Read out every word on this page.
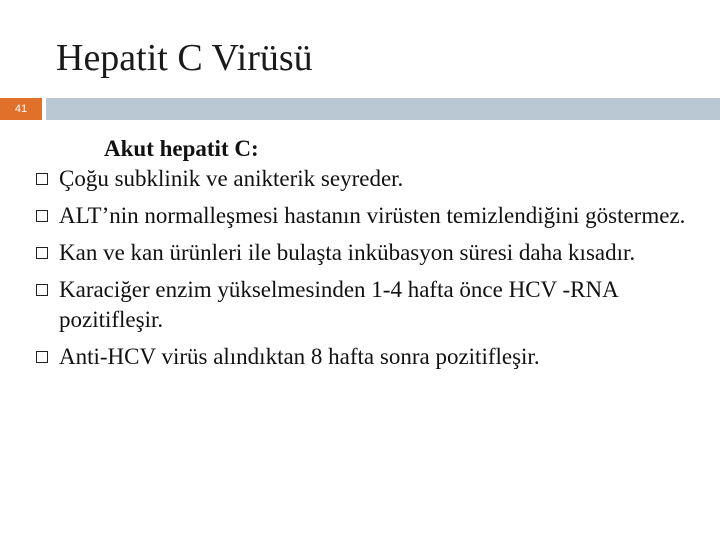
Hepatit C Virüsü
41

Akut hepatit C:

Çoğu subklinik ve anikterik seyreder.
ALT’nin normalleşmesi hastanın virüsten temizlendiğini göstermez.
Kan ve kan ürünleri ile bulaşta inkübasyon süresi daha kısadır.
Karaciğer enzim yükselmesinden 1-4 hafta önce HCV -RNA pozitifleşir.
Anti-HCV virüs alındıktan 8 hafta sonra pozitifleşir.
